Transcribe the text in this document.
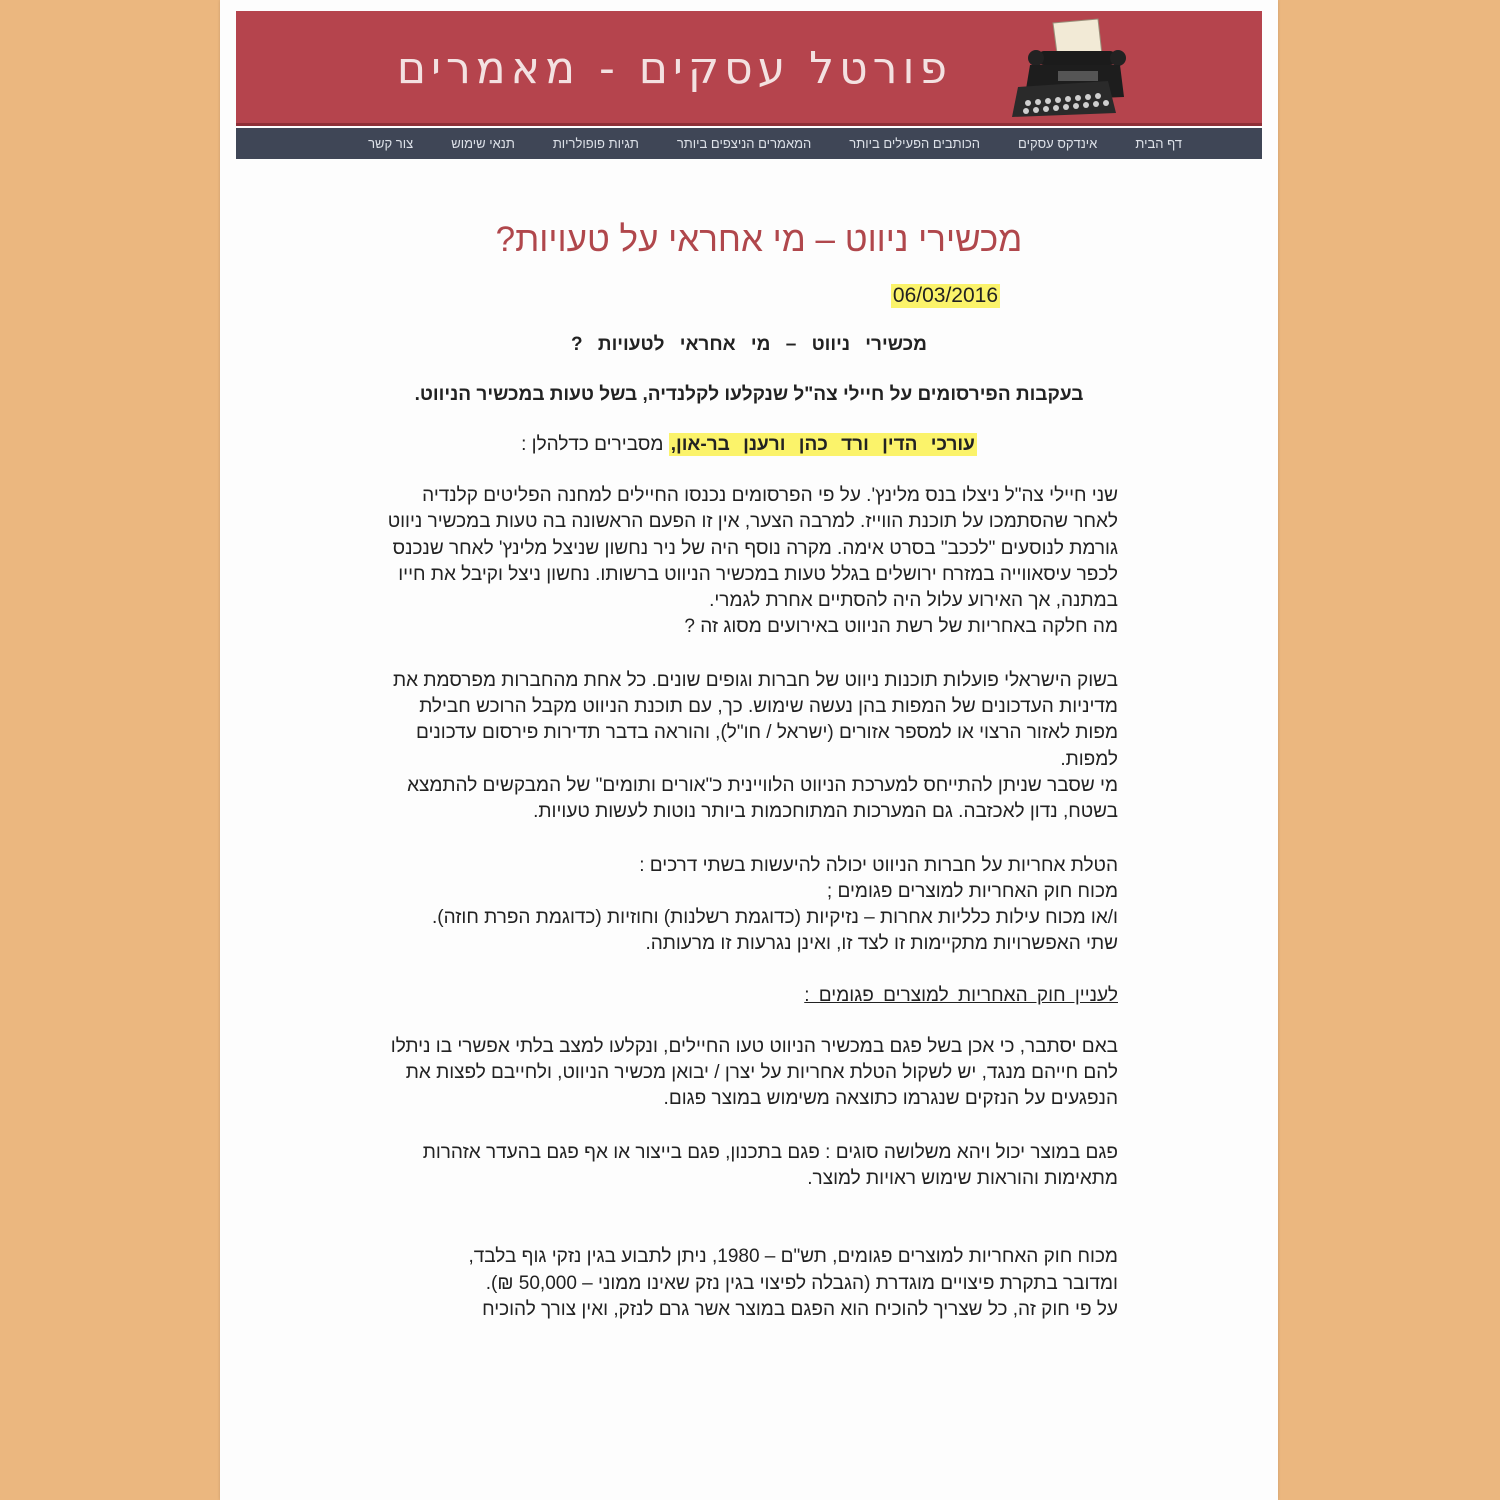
פורטל עסקים - מאמרים
דף הבית
אינדקס עסקים
הכותבים הפעילים ביותר
המאמרים הניצפים ביותר
תגיות פופולריות
תנאי שימוש
צור קשר
מכשירי ניווט – מי אחראי על טעויות?
06/03/2016
מכשירי ניווט – מי אחראי לטעויות ?
בעקבות הפירסומים על חיילי צה"ל שנקלעו לקלנדיה, בשל טעות במכשיר הניווט.
עורכי הדין ורד כהן ורענן בר-און, מסבירים כדלהלן :

שני חיילי צה"ל ניצלו בנס מלינץ'. על פי הפרסומים נכנסו החיילים למחנה הפליטים קלנדיה לאחר שהסתמכו על תוכנת הווייז. למרבה הצער, אין זו הפעם הראשונה בה טעות במכשיר ניווט גורמת לנוסעים "לככב" בסרט אימה. מקרה נוסף היה של ניר נחשון שניצל מלינץ' לאחר שנכנס לכפר עיסאווייה במזרח ירושלים בגלל טעות במכשיר הניווט ברשותו. נחשון ניצל וקיבל את חייו במתנה, אך האירוע עלול היה להסתיים אחרת לגמרי.

מה חלקה באחריות של רשת הניווט באירועים מסוג זה ?

בשוק הישראלי פועלות תוכנות ניווט של חברות וגופים שונים. כל אחת מהחברות מפרסמת את מדיניות העדכונים של המפות בהן נעשה שימוש. כך, עם תוכנת הניווט מקבל הרוכש חבילת מפות לאזור הרצוי או למספר אזורים (ישראל / חו"ל), והוראה בדבר תדירות פירסום עדכונים למפות.

מי שסבר שניתן להתייחס למערכת הניווט הלוויינית כ"אורים ותומים" של המבקשים להתמצא בשטח, נדון לאכזבה. גם המערכות המתוחכמות ביותר נוטות לעשות טעויות.

הטלת אחריות על חברות הניווט יכולה להיעשות בשתי דרכים :

מכוח חוק האחריות למוצרים פגומים ;

ו/או מכוח עילות כלליות אחרות – נזיקיות (כדוגמת רשלנות) וחוזיות (כדוגמת הפרת חוזה).

שתי האפשרויות מתקיימות זו לצד זו, ואינן נגרעות זו מרעותה.

לעניין חוק האחריות למוצרים פגומים :

באם יסתבר, כי אכן בשל פגם במכשיר הניווט טעו החיילים, ונקלעו למצב בלתי אפשרי בו ניתלו להם חייהם מנגד, יש לשקול הטלת אחריות על יצרן / יבואן מכשיר הניווט, ולחייבם לפצות את הנפגעים על הנזקים שנגרמו כתוצאה משימוש במוצר פגום.

פגם במוצר יכול ויהא משלושה סוגים : פגם בתכנון, פגם בייצור או אף פגם בהעדר אזהרות מתאימות והוראות שימוש ראויות למוצר.

מכוח חוק האחריות למוצרים פגומים, תש"ם – 1980, ניתן לתבוע בגין נזקי גוף בלבד,

ומדובר בתקרת פיצויים מוגדרת (הגבלה לפיצוי בגין נזק שאינו ממוני – 50,000 ₪).

על פי חוק זה, כל שצריך להוכיח הוא הפגם במוצר אשר גרם לנזק, ואין צורך להוכיח
